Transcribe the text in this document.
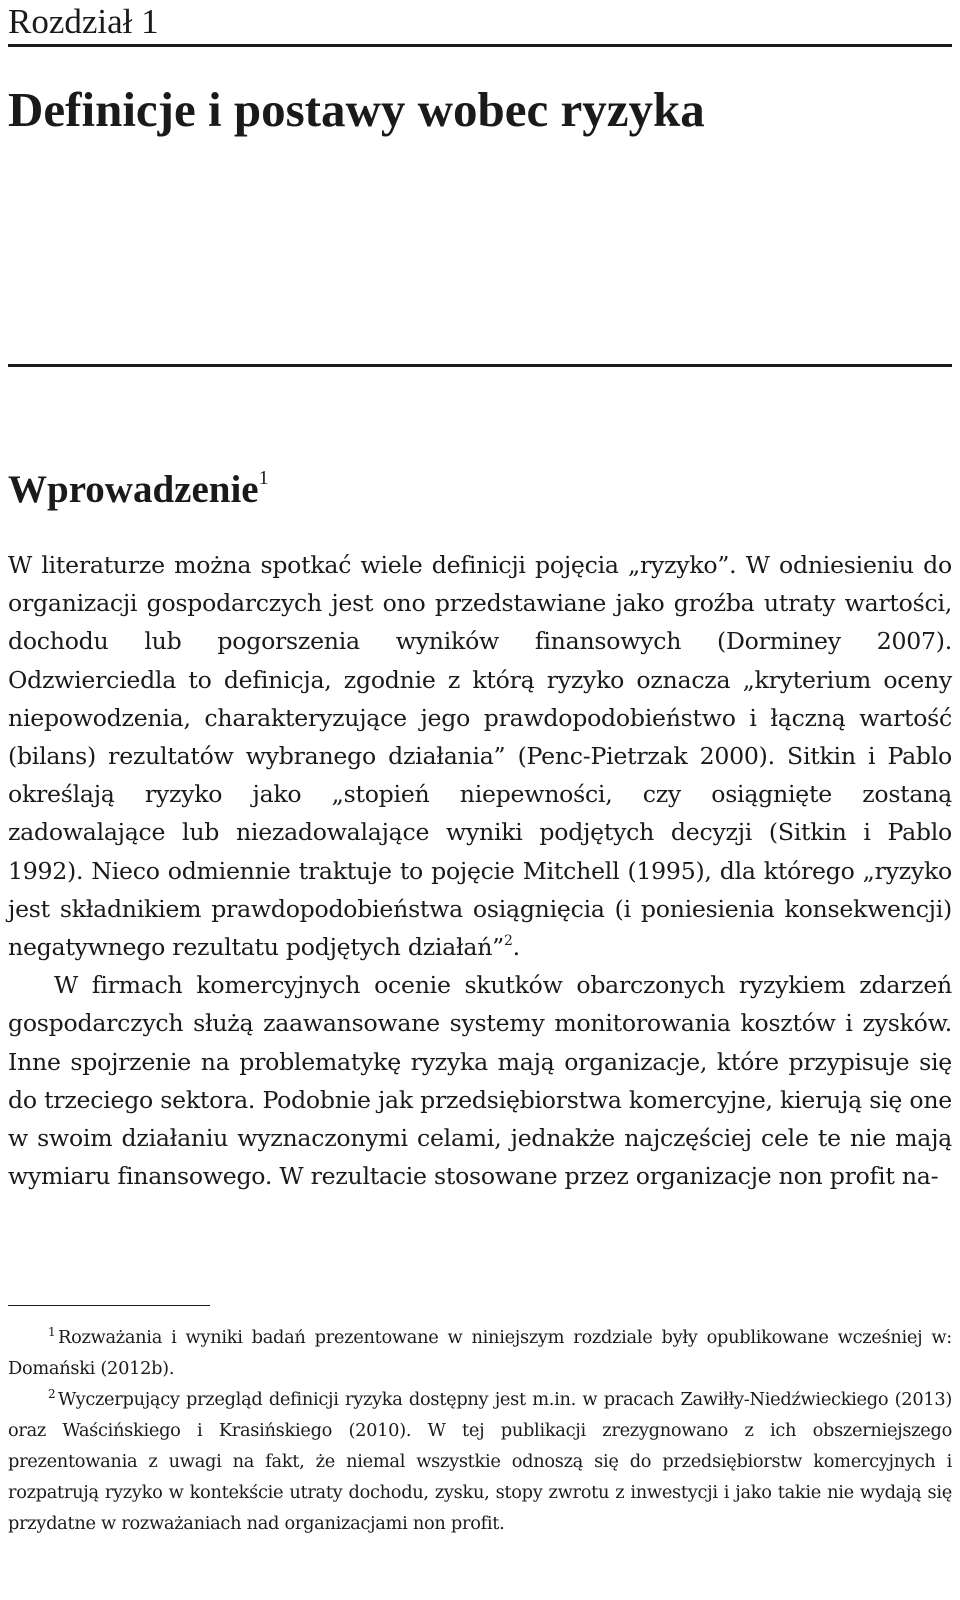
Rozdział 1
Definicje i postawy wobec ryzyka
Wprowadzenie$^1$

W literaturze można spotkać wiele definicji pojęcia „ryzyko”. W odniesieniu do organizacji gospodarczych jest ono przedstawiane jako groźba utraty wartości, dochodu lub pogorszenia wyników finansowych (Dorminey 2007). Odzwierciedla to definicja, zgodnie z którą ryzyko oznacza „kryterium oceny niepowodzenia, charakteryzujące jego prawdopodobieństwo i łączną wartość (bilans) rezultatów wybranego działania” (Penc-Pietrzak 2000). Sitkin i Pablo określają ryzyko jako „stopień niepewności, czy osiągnięte zostaną zadowalające lub niezadowalające wyniki podjętych decyzji (Sitkin i Pablo 1992). Nieco odmiennie traktuje to pojęcie Mitchell (1995), dla którego „ryzyko jest składnikiem prawdopodobieństwa osiągnięcia (i poniesienia konsekwencji) negatywnego rezultatu podjętych działań”$^2$.

W firmach komercyjnych ocenie skutków obarczonych ryzykiem zdarzeń gospodarczych służą zaawansowane systemy monitorowania kosztów i zysków. Inne spojrzenie na problematykę ryzyka mają organizacje, które przypisuje się do trzeciego sektora. Podobnie jak przedsiębiorstwa komercyjne, kierują się one w swoim działaniu wyznaczonymi celami, jednakże najczęściej cele te nie mają wymiaru finansowego. W rezultacie stosowane przez organizacje non profit na-

1 Rozważania i wyniki badań prezentowane w niniejszym rozdziale były opublikowane wcześniej w: Domański (2012b).

2 Wyczerpujący przegląd definicji ryzyka dostępny jest m.in. w pracach Zawiłły-Niedźwieckiego (2013) oraz Waścińskiego i Krasińskiego (2010). W tej publikacji zrezygnowano z ich obszerniejszego prezentowania z uwagi na fakt, że niemal wszystkie odnoszą się do przedsiębiorstw komercyjnych i rozpatrują ryzyko w kontekście utraty dochodu, zysku, stopy zwrotu z inwestycji i jako takie nie wydają się przydatne w rozważaniach nad organizacjami non profit.
